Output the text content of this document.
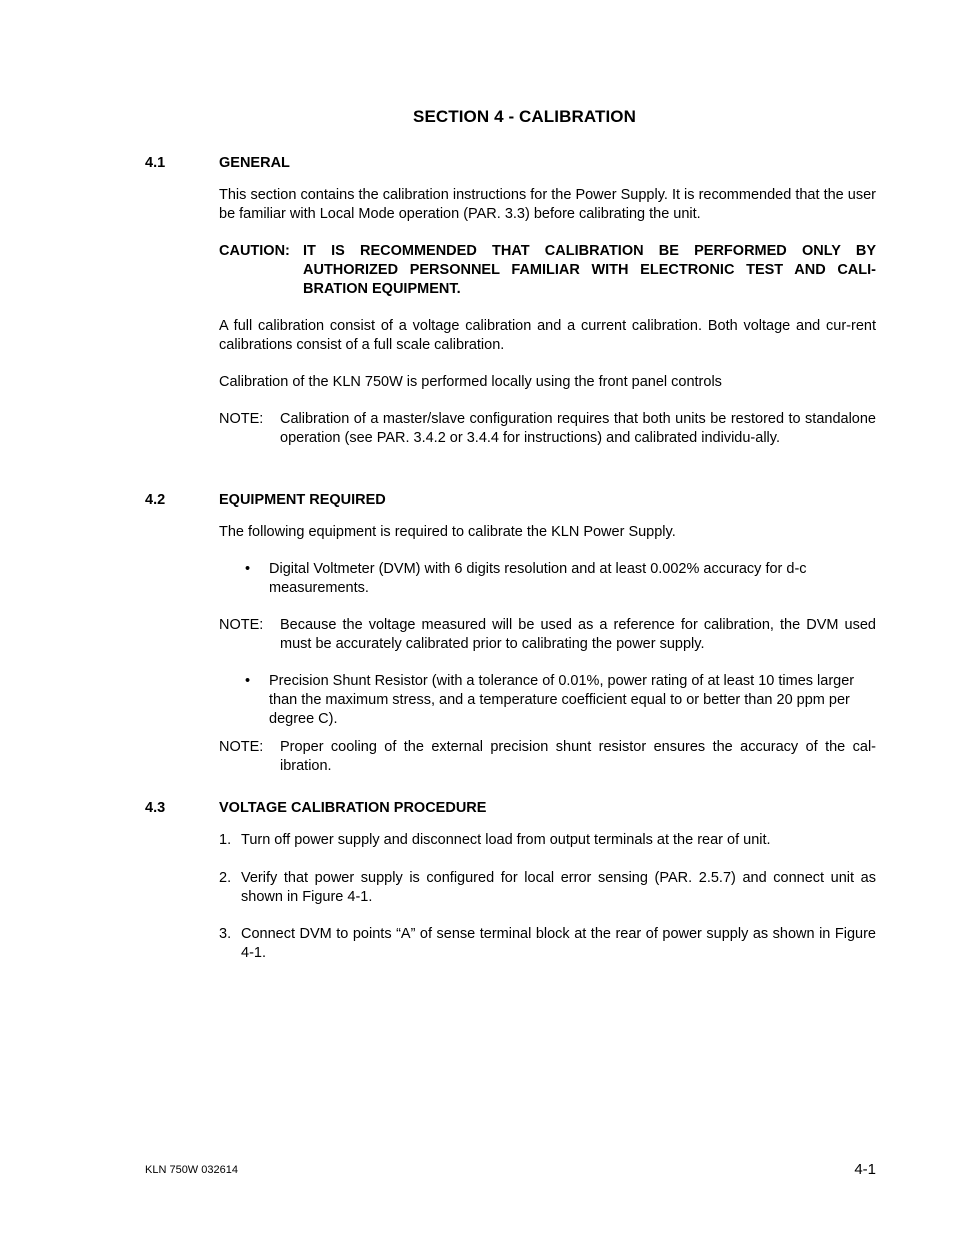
SECTION 4 - CALIBRATION
4.1	GENERAL
This section contains the calibration instructions for the Power Supply. It is recommended that the user be familiar with Local Mode operation (PAR. 3.3) before calibrating the unit.
CAUTION: IT IS RECOMMENDED THAT CALIBRATION BE PERFORMED ONLY BY AUTHORIZED PERSONNEL FAMILIAR WITH ELECTRONIC TEST AND CALI-BRATION EQUIPMENT.
A full calibration consist of a voltage calibration and a current calibration. Both voltage and cur-rent calibrations consist of a full scale calibration.
Calibration of the KLN 750W is performed locally using the front panel controls
NOTE:	Calibration of a master/slave configuration requires that both units be restored to standalone operation (see PAR. 3.4.2 or 3.4.4 for instructions) and calibrated individu-ally.
4.2	EQUIPMENT REQUIRED
The following equipment is required to calibrate the KLN Power Supply.
•	Digital Voltmeter (DVM) with 6 digits resolution and at least 0.002% accuracy for d-c measurements.
NOTE:	Because the voltage measured will be used as a reference for calibration, the DVM used must be accurately calibrated prior to calibrating the power supply.
•	Precision Shunt Resistor (with a tolerance of 0.01%, power rating of at least 10 times larger than the maximum stress, and a temperature coefficient equal to or better than 20 ppm per degree C).
NOTE:	Proper cooling of the external precision shunt resistor ensures the accuracy of the cal-ibration.
4.3	VOLTAGE CALIBRATION PROCEDURE
1. Turn off power supply and disconnect load from output terminals at the rear of unit.
2. Verify that power supply is configured for local error sensing (PAR. 2.5.7) and connect unit as shown in Figure 4-1.
3. Connect DVM to points “A” of sense terminal block at the rear of power supply as shown in Figure 4-1.
KLN 750W 032614	4-1
